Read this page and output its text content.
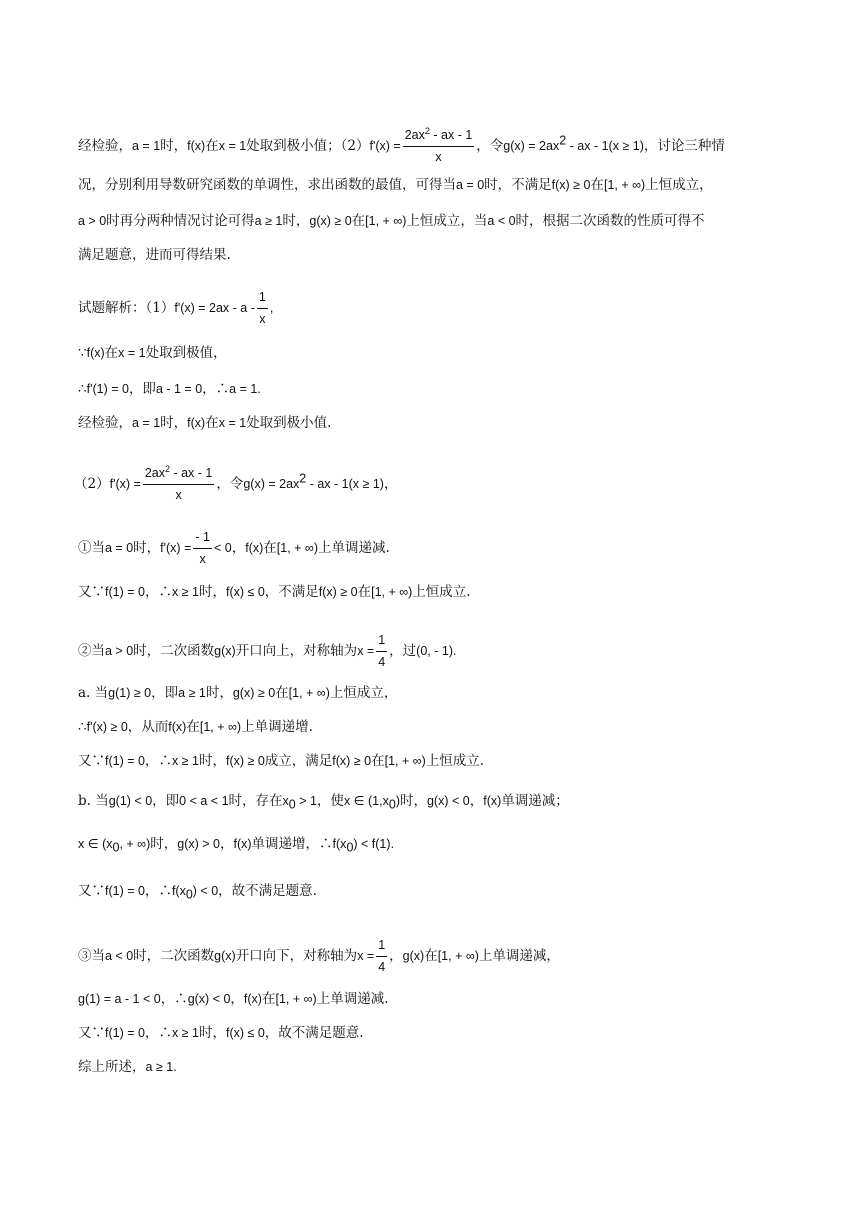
经检验，a = 1时，f(x)在x = 1处取到极小值；$(2)f'(x) = \frac{2ax^2 - ax - 1}{x}$ ，令$g(x) = 2ax^2$ - ax - 1(x ≥ 1)，讨论三种情
况，分别利用导数研究函数的单调性，求出函数的最值，可得当a = 0时，不满足f(x) ≥ 0在[1, + ∞)上恒成立，
a > 0时再分两种情况讨论可得a ≥ 1时，g(x) ≥ 0在[1, + ∞)上恒成立，当a < 0时，根据二次函数的性质可得不
满足题意，进而可得结果.
试题解析：$(1)f'(x) = 2ax - a - \frac{1}{x}$ ,
∵f(x)在x = 1处取到极值，
∴f'(1) = 0，即a - 1 = 0，∴a = 1.
经检验，a = 1时，f(x)在x = 1处取到极小值.
$(2)f'(x) = \frac{2ax^2 - ax - 1}{x}$ ，令$g(x) = 2ax^2$ - ax - 1(x ≥ 1)，
①当a = 0时，$f'(x) = \frac{- 1}{x} < 0$，f(x)在[1, + ∞)上单调递减.
又∵f(1) = 0，∴x ≥ 1时，f(x) ≤ 0，不满足f(x) ≥ 0在[1, + ∞)上恒成立.
②当a > 0时，二次函数g(x)开口向上，对称轴为$x = \frac{1}{4}$ ，过(0, - 1).
a. 当g(1) ≥ 0，即a ≥ 1时，g(x) ≥ 0在[1, + ∞)上恒成立，
∴f'(x) ≥ 0，从而f(x)在[1, + ∞)上单调递增.
又∵f(1) = 0，∴x ≥ 1时，f(x) ≥ 0成立，满足f(x) ≥ 0在[1, + ∞)上恒成立.
b. 当g(1) < 0，即0 < a < 1时，存在$x_0 > 1$，使x ∈ $(1,x_0)$时，g(x) < 0，f(x)单调递减；
x ∈ ($x_0$, + ∞)时，g(x) > 0，f(x)单调递增，$\therefore f(x_0) < f(1)$.
又∵f(1) = 0，$\therefore f(x_0) < 0$，故不满足题意.
③当a < 0时，二次函数g(x)开口向下，对称轴为$x = \frac{1}{4}$ ，g(x)在[1, + ∞)上单调递减，
g(1) = a - 1 < 0，∴g(x) < 0，f(x)在[1, + ∞)上单调递减.
又∵f(1) = 0，∴x ≥ 1时，f(x) ≤ 0，故不满足题意.
综上所述，a ≥ 1.
